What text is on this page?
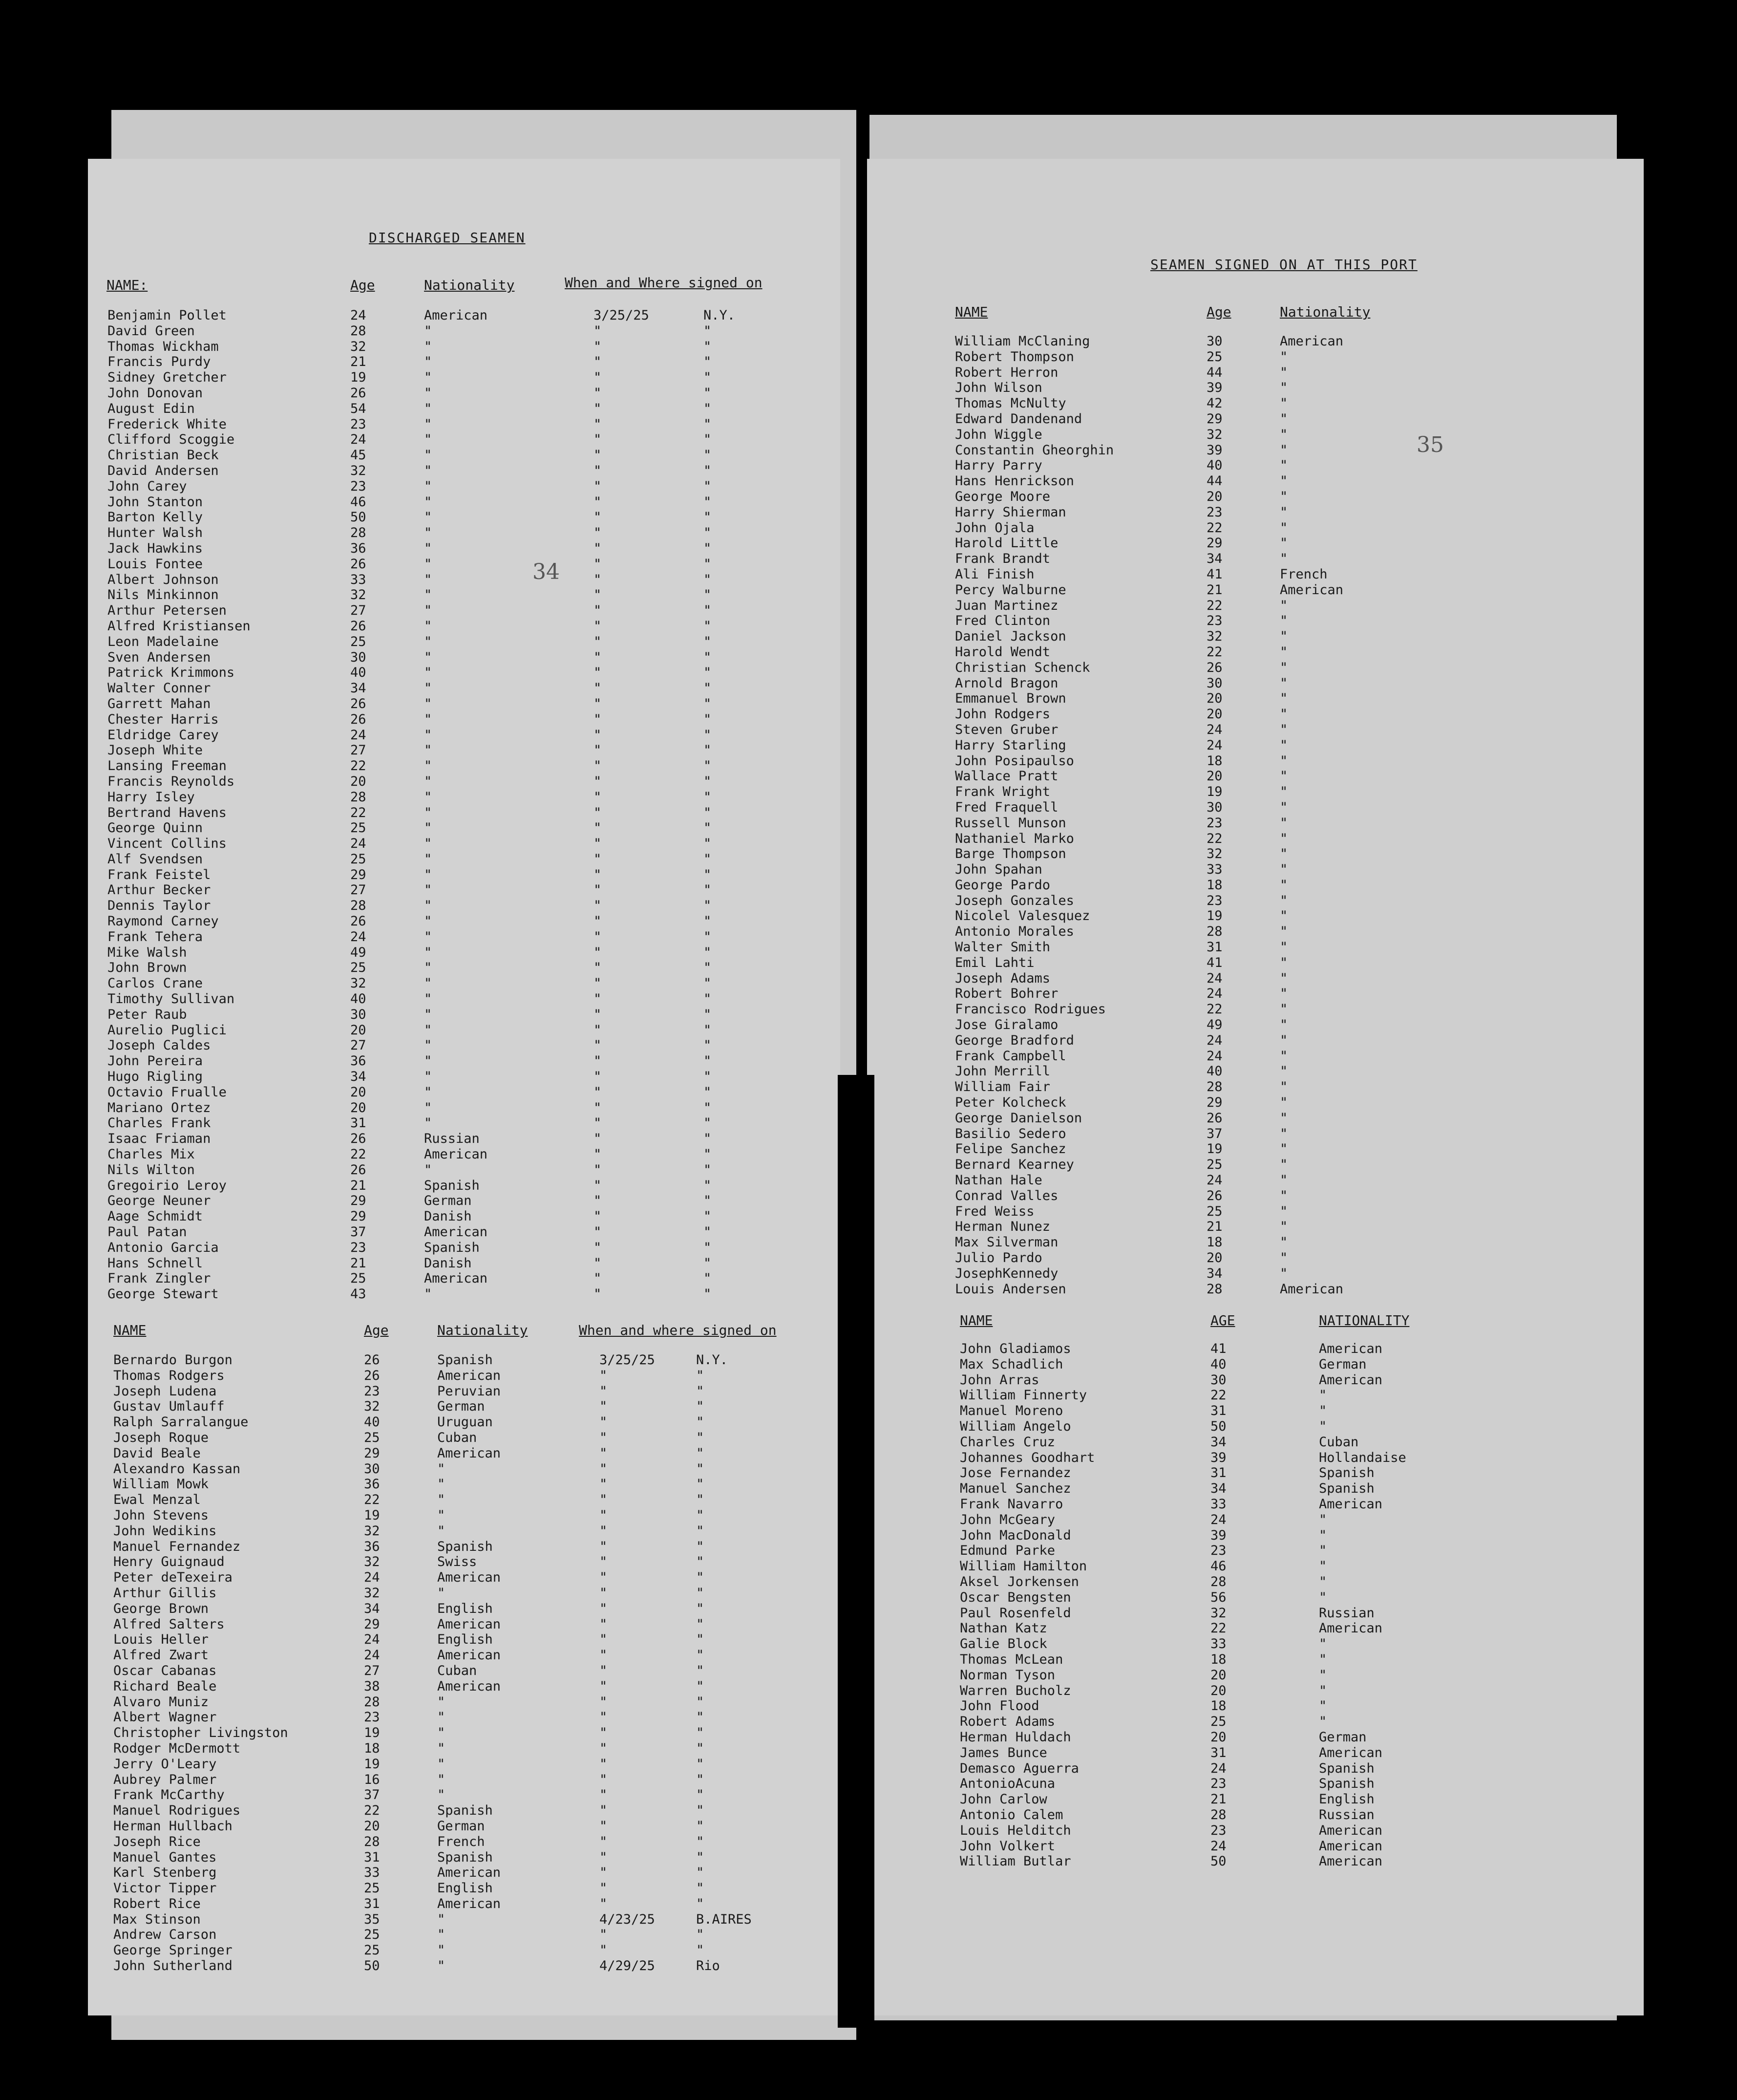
DISCHARGED SEAMEN
34
NAME:	Age	Nationality	When and Where signed on
Benjamin Pollet	24	American	3/25/25	N.Y.
David Green	28	"	"	"
Thomas Wickham	32	"	"	"
Francis Purdy	21	"	"	"
Sidney Gretcher	19	"	"	"
John Donovan	26	"	"	"
August Edin	54	"	"	"
Frederick White	23	"	"	"
Clifford Scoggie	24	"	"	"
Christian Beck	45	"	"	"
David Andersen	32	"	"	"
John Carey	23	"	"	"
John Stanton	46	"	"	"
Barton Kelly	50	"	"	"
Hunter Walsh	28	"	"	"
Jack Hawkins	36	"	"	"
Louis Fontee	26	"	"	"
Albert Johnson	33	"	"	"
Nils Minkinnon	32	"	"	"
Arthur Petersen	27	"	"	"
Alfred Kristiansen	26	"	"	"
Leon Madelaine	25	"	"	"
Sven Andersen	30	"	"	"
Patrick Krimmons	40	"	"	"
Walter Conner	34	"	"	"
Garrett Mahan	26	"	"	"
Chester Harris	26	"	"	"
Eldridge Carey	24	"	"	"
Joseph White	27	"	"	"
Lansing Freeman	22	"	"	"
Francis Reynolds	20	"	"	"
Harry Isley	28	"	"	"
Bertrand Havens	22	"	"	"
George Quinn	25	"	"	"
Vincent Collins	24	"	"	"
Alf Svendsen	25	"	"	"
Frank Feistel	29	"	"	"
Arthur Becker	27	"	"	"
Dennis Taylor	28	"	"	"
Raymond Carney	26	"	"	"
Frank Tehera	24	"	"	"
Mike Walsh	49	"	"	"
John Brown	25	"	"	"
Carlos Crane	32	"	"	"
Timothy Sullivan	40	"	"	"
Peter Raub	30	"	"	"
Aurelio Puglici	20	"	"	"
Joseph Caldes	27	"	"	"
John Pereira	36	"	"	"
Hugo Rigling	34	"	"	"
Octavio Frualle	20	"	"	"
Mariano Ortez	20	"	"	"
Charles Frank	31	"	"	"
Isaac Friaman	26	Russian	"	"
Charles Mix	22	American	"	"
Nils Wilton	26	"	"	"
Gregoirio Leroy	21	Spanish	"	"
George Neuner	29	German	"	"
Aage Schmidt	29	Danish	"	"
Paul Patan	37	American	"	"
Antonio Garcia	23	Spanish	"	"
Hans Schnell	21	Danish	"	"
Frank Zingler	25	American	"	"
George Stewart	43	"	"	"
NAME	Age	Nationality	When and where signed on
Bernardo Burgon	26	Spanish	3/25/25	N.Y.
Thomas Rodgers	26	American	"	"
Joseph Ludena	23	Peruvian	"	"
Gustav Umlauff	32	German	"	"
Ralph Sarralangue	40	Uruguan	"	"
Joseph Roque	25	Cuban	"	"
David Beale	29	American	"	"
Alexandro Kassan	30	"	"	"
William Mowk	36	"	"	"
Ewal Menzal	22	"	"	"
John Stevens	19	"	"	"
John Wedikins	32	"	"	"
Manuel Fernandez	36	Spanish	"	"
Henry Guignaud	32	Swiss	"	"
Peter deTexeira	24	American	"	"
Arthur Gillis	32	"	"	"
George Brown	34	English	"	"
Alfred Salters	29	American	"	"
Louis Heller	24	English	"	"
Alfred Zwart	24	American	"	"
Oscar Cabanas	27	Cuban	"	"
Richard Beale	38	American	"	"
Alvaro Muniz	28	"	"	"
Albert Wagner	23	"	"	"
Christopher Livingston	19	"	"	"
Rodger McDermott	18	"	"	"
Jerry O'Leary	19	"	"	"
Aubrey Palmer	16	"	"	"
Frank McCarthy	37	"	"	"
Manuel Rodrigues	22	Spanish	"	"
Herman Hullbach	20	German	"	"
Joseph Rice	28	French	"	"
Manuel Gantes	31	Spanish	"	"
Karl Stenberg	33	American	"	"
Victor Tipper	25	English	"	"
Robert Rice	31	American	"	"
Max Stinson	35	"	4/23/25	B.AIRES
Andrew Carson	25	"	"	"
George Springer	25	"	"	"
John Sutherland	50	"	4/29/25	Rio
SEAMEN SIGNED ON AT THIS PORT
35
NAME	Age	Nationality
William McClaning	30	American
Robert Thompson	25	"
Robert Herron	44	"
John Wilson	39	"
Thomas McNulty	42	"
Edward Dandenand	29	"
John Wiggle	32	"
Constantin Gheorghin	39	"
Harry Parry	40	"
Hans Henrickson	44	"
George Moore	20	"
Harry Shierman	23	"
John Ojala	22	"
Harold Little	29	"
Frank Brandt	34	"
Ali Finish	41	French
Percy Walburne	21	American
Juan Martinez	22	"
Fred Clinton	23	"
Daniel Jackson	32	"
Harold Wendt	22	"
Christian Schenck	26	"
Arnold Bragon	30	"
Emmanuel Brown	20	"
John Rodgers	20	"
Steven Gruber	24	"
Harry Starling	24	"
John Posipaulso	18	"
Wallace Pratt	20	"
Frank Wright	19	"
Fred Fraquell	30	"
Russell Munson	23	"
Nathaniel Marko	22	"
Barge Thompson	32	"
John Spahan	33	"
George Pardo	18	"
Joseph Gonzales	23	"
Nicolel Valesquez	19	"
Antonio Morales	28	"
Walter Smith	31	"
Emil Lahti	41	"
Joseph Adams	24	"
Robert Bohrer	24	"
Francisco Rodrigues	22	"
Jose Giralamo	49	"
George Bradford	24	"
Frank Campbell	24	"
John Merrill	40	"
William Fair	28	"
Peter Kolcheck	29	"
George Danielson	26	"
Basilio Sedero	37	"
Felipe Sanchez	19	"
Bernard Kearney	25	"
Nathan Hale	24	"
Conrad Valles	26	"
Fred Weiss	25	"
Herman Nunez	21	"
Max Silverman	18	"
Julio Pardo	20	"
JosephKennedy	34	"
Louis Andersen	28	American
NAME	AGE	NATIONALITY
John Gladiamos	41	American
Max Schadlich	40	German
John Arras	30	American
William Finnerty	22	"
Manuel Moreno	31	"
William Angelo	50	"
Charles Cruz	34	Cuban
Johannes Goodhart	39	Hollandaise
Jose Fernandez	31	Spanish
Manuel Sanchez	34	Spanish
Frank Navarro	33	American
John McGeary	24	"
John MacDonald	39	"
Edmund Parke	23	"
William Hamilton	46	"
Aksel Jorkensen	28	"
Oscar Bengsten	56	"
Paul Rosenfeld	32	Russian
Nathan Katz	22	American
Galie Block	33	"
Thomas McLean	18	"
Norman Tyson	20	"
Warren Bucholz	20	"
John Flood	18	"
Robert Adams	25	"
Herman Huldach	20	German
James Bunce	31	American
Demasco Aguerra	24	Spanish
AntonioAcuna	23	Spanish
John Carlow	21	English
Antonio Calem	28	Russian
Louis Helditch	23	American
John Volkert	24	American
William Butlar	50	American
